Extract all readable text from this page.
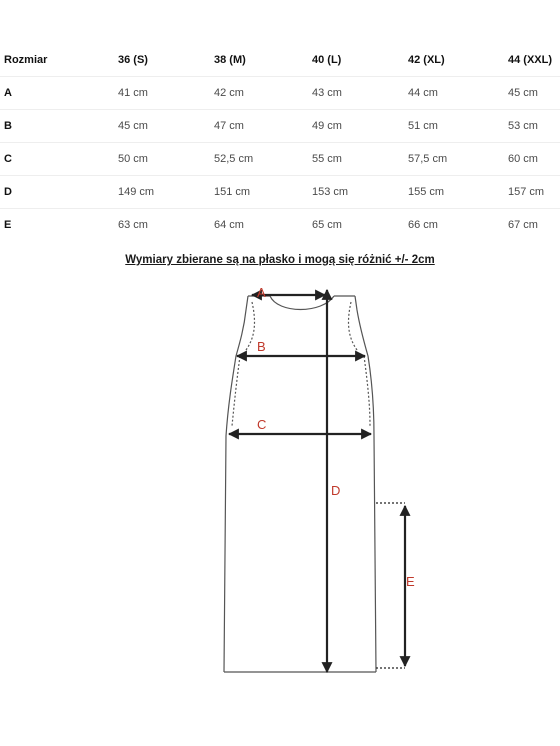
Rozmiar	36 (S)	38 (M)	40 (L)	42 (XL)	44 (XXL)
A	41 cm	42 cm	43 cm	44 cm	45 cm
B	45 cm	47 cm	49 cm	51 cm	53 cm
C	50 cm	52,5 cm	55 cm	57,5 cm	60 cm
D	149 cm	151 cm	153 cm	155 cm	157 cm
E	63 cm	64 cm	65 cm	66 cm	67 cm
Wymiary zbierane są na płasko i mogą się różnić +/- 2cm
A
B
C
D
E
